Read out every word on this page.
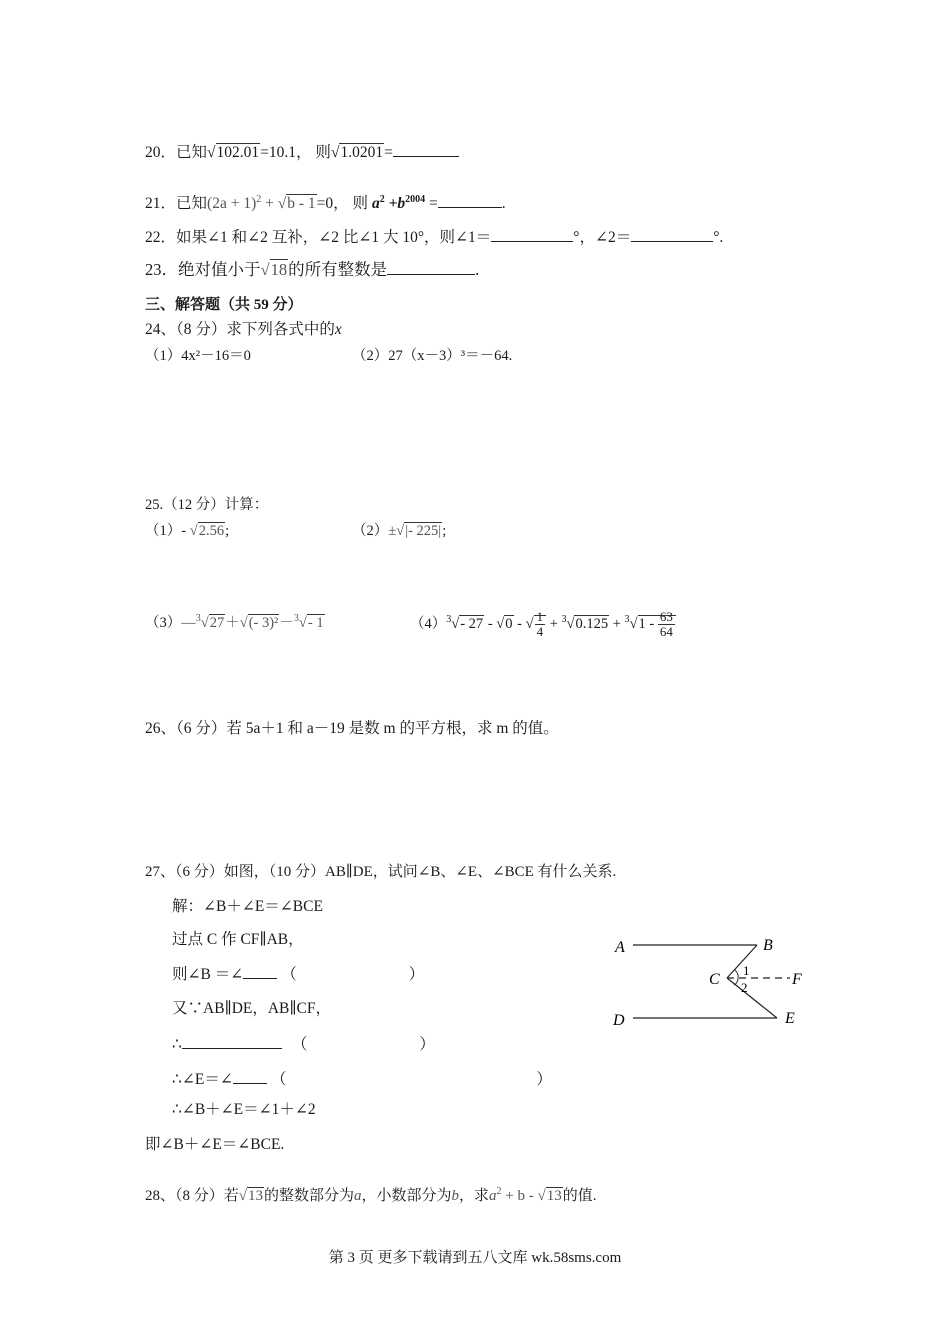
20．已知√102.01=10.1， 则√1.0201=
21．已知$(2a + 1)^2 + √b - 1=0$， 则 $a^2 +b^{2004}$ =	.
22．如果∠1 和∠2 互补，∠2 比∠1 大 10°，则∠1＝	°，∠2＝	°.
23．绝对值小于√18的所有整数是	.
三、解答题（共 59 分）
24、（8 分）求下列各式中的x
（1）4x²－16＝0	（2）27（x－3）³＝－64.
25.（12 分）计算：
（1）- √2.56;	（2）±√|- 225|;
（3）—$^3$√27＋√(- 3)²－$^3$√- 1	$(4)^3√-$ 27 - √0 - √ $\frac{1}{4} + ^3√0.125 + ^3√1 - \frac{63}{64}$
26、（6 分）若 5a＋1 和 a－19 是数 m 的平方根，求 m 的值。
27、（6 分）如图，（10 分）AB∥DE，试问∠B、∠E、∠BCE 有什么关系.
解：∠B＋∠E＝∠BCE
过点 C 作 CF∥AB，
则∠B ＝∠ （	）
又∵AB∥DE，AB∥CF，
∴	（	）
∴∠E＝∠ （	）
∴∠B＋∠E＝∠1＋∠2
即∠B＋∠E＝∠BCE.
A	B
C
D	E
F
1
2
28、（8 分）若√13的整数部分为a，小数部分为b，求$a^2 + b - √13$的值.
第 3 页 更多下载请到五八文库 wk.58sms.com
